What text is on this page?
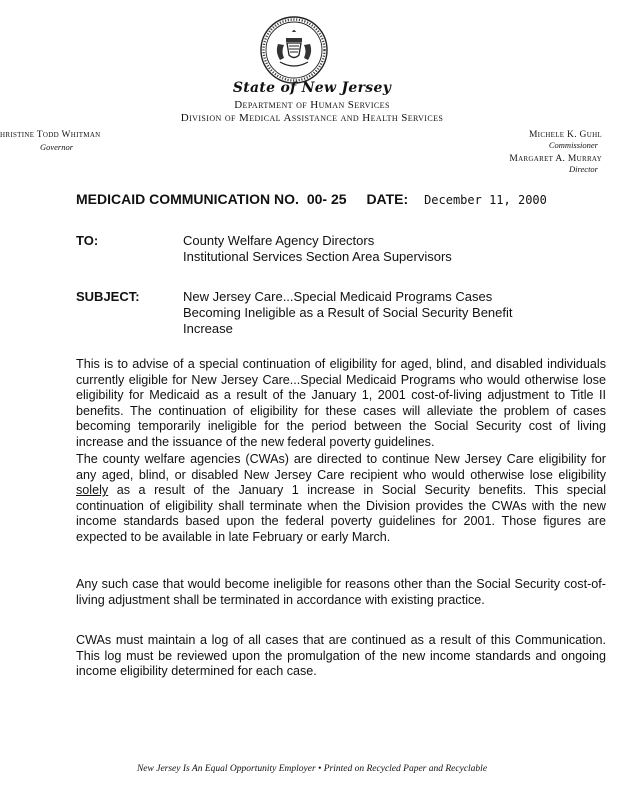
State of New Jersey
Department of Human Services
Division of Medical Assistance and Health Services
hristine Todd Whitman
Governor
Michele K. Guhl
Commissioner
Margaret A. Murray
Director
MEDICAID COMMUNICATION NO. 00- 25 DATE: December 11, 2000
TO:	County Welfare Agency Directors
Institutional Services Section Area Supervisors
SUBJECT:	New Jersey Care...Special Medicaid Programs Cases Becoming Ineligible as a Result of Social Security Benefit Increase
This is to advise of a special continuation of eligibility for aged, blind, and disabled individuals currently eligible for New Jersey Care...Special Medicaid Programs who would otherwise lose eligibility for Medicaid as a result of the January 1, 2001 cost-of-living adjustment to Title II benefits. The continuation of eligibility for these cases will alleviate the problem of cases becoming temporarily ineligible for the period between the Social Security cost of living increase and the issuance of the new federal poverty guidelines.
The county welfare agencies (CWAs) are directed to continue New Jersey Care eligibility for any aged, blind, or disabled New Jersey Care recipient who would otherwise lose eligibility solely as a result of the January 1 increase in Social Security benefits. This special continuation of eligibility shall terminate when the Division provides the CWAs with the new income standards based upon the federal poverty guidelines for 2001. Those figures are expected to be available in late February or early March.
Any such case that would become ineligible for reasons other than the Social Security cost-of-living adjustment shall be terminated in accordance with existing practice.
CWAs must maintain a log of all cases that are continued as a result of this Communication. This log must be reviewed upon the promulgation of the new income standards and ongoing income eligibility determined for each case.
New Jersey Is An Equal Opportunity Employer • Printed on Recycled Paper and Recyclable
